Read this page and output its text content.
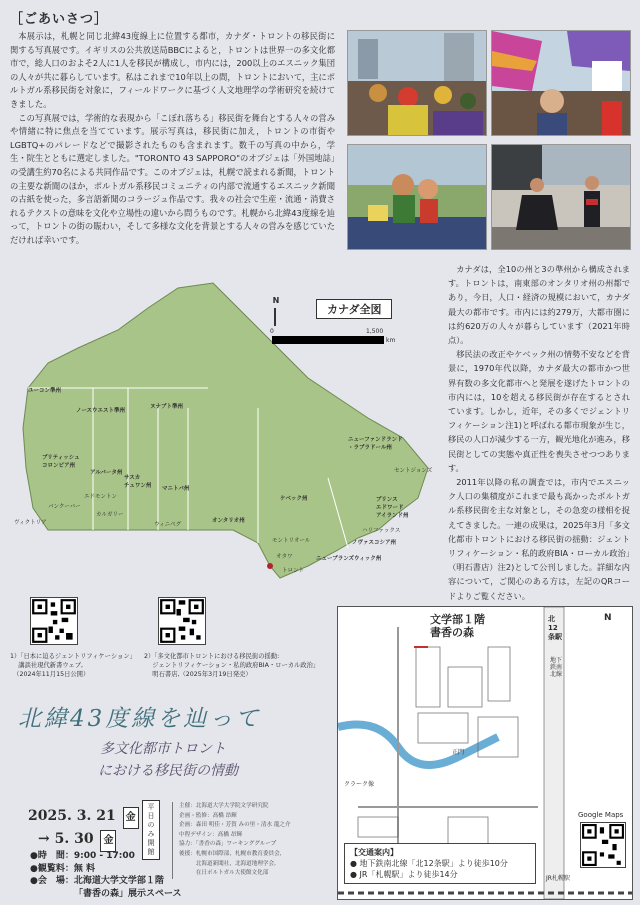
［ごあいさつ］

本展示は，札幌と同じ北緯43度線上に位置する都市，カナダ・トロントの移民街に関する写真展です。イギリスの公共放送局BBCによると，トロントは世界一の多文化都市で，総人口のおよそ2人に1人を移民が構成し，市内には，200以上のエスニック集団の人々が共に暮らしています。私はこれまで10年以上の間，トロントにおいて，主にポルトガル系移民街を対象に，フィールドワークに基づく人文地理学の学術研究を続けてきました。

この写真展では，学術的な表現から「こぼれ落ちる」移民街を舞台とする人々の営みや情緒に特に焦点を当てています。展示写真は，移民街に加え，トロントの市街やLGBTQ+のパレードなどで撮影されたものも含まれます。数千の写真の中から，学生・院生とともに選定しました。"TORONTO 43 SAPPORO"のオブジェは「外国地誌」の受講生約70名による共同作品です。このオブジェは，札幌で読まれる新聞，トロントの主要な新聞のほか，ポルトガル系移民コミュニティの内部で流通するエスニック新聞の古紙を使った，多言語新聞のコラージュ作品です。我々の社会で生産・流通・消費されるテクストの意味を文化や立場性の違いから問うものです。札幌から北緯43度線を辿って，トロントの街の賑わい，そして多様な文化を背景とする人々の営みを感じていただければ幸いです。

N
カナダ全図
0	1,500
km
ユーコン準州
ノースウエスト準州
ヌナブト準州
ブリティッシュ
コロンビア州
アルバータ州
サスカ
チュワン州 マニトバ州
オンタリオ州
ケベック州
ニューファンドランド
・ラブラドール州
プリンス
エドワード
アイランド州
ノヴァスコシア州
ニューブランズウィック州
バンクーバー
ヴィクトリア
エドモントン
カルガリー
ウィニペグ
モントリオール
オタワ
トロント
セントジョンズ
ハリファックス

カナダは，全10の州と3の準州から構成されます。トロントは，南東部のオンタリオ州の州都であり，今日，人口・経済の規模において，カナダ最大の都市です。市内には約279万，大都市圏には約620万の人々が暮らしています（2021年時点）。

移民法の改正やケベック州の情勢不安などを背景に，1970年代以降，カナダ最大の都市かつ世界有数の多文化都市へと発展を遂げたトロントの市内には，10を超える移民街が存在するとされています。しかし，近年，その多くでジェントリフィケーション注1)と呼ばれる都市現象が生じ，移民の人口が減少する一方，観光地化が進み，移民街としての実態や真正性を喪失させつつあります。

2011年以降の私の調査では，市内でエスニック人口の集積度がこれまで最も高かったポルトガル系移民街を主な対象とし，その急変の様相を捉えてきました。一連の成果は，2025年3月「多文化都市トロントにおける移民街の揺動：ジェントリフィケーション・私的政府BIA・ローカル政治」（明石書店）注2)として公刊しました。詳細な内容について，ご関心のある方は，左記のQRコードよりご覧ください。

1）「日本に迫るジェントリフィケーション」
　 講談社現代新書ウェブ,
　（2024年11月15日公開）
2）「多文化都市トロントにおける移民街の揺動:
　 ジェントリフィケーション・私的政府BIA・ローカル政治」
　 明石書店,（2025年3月19日発売）
北緯43度線を辿って
多文化都市トロント
における移民街の情動
2025. 3. 21 金
→ 5. 30 金
平日のみ開館
●時　間：9:00 - 17:00
●観覧料：無 料
●会　場：北海道大学文学部１階
「書香の森」展示スペース
主催：北海道大学大学院文学研究院
企画・監修：髙橋 昂輝
企画：森田 明佳・芳賀 みの里・清水 龍之介
中程デザイン：髙橋 昂輝
協力：「書香の森」ワーキンググループ
後援：札幌市国際部，札幌市教育委員会,
　　　北海道新聞社，北海道地理学会,
　　　在日ポルトガル大使館文化部
文学部１階
書香の森
北12条駅
N
地下鉄南北線
正門
クラーク像
Google Maps
JR札幌駅
【交通案内】
● 地下鉄南北線「北12条駅」より徒歩10分
● JR「札幌駅」より徒歩14分
